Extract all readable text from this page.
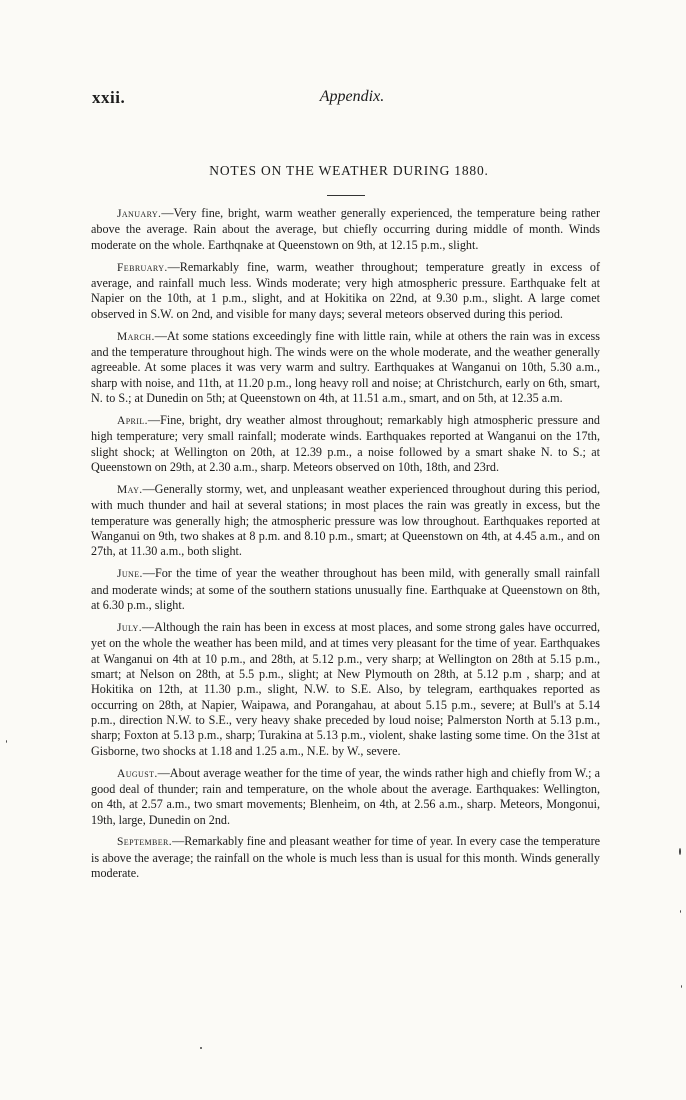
xxii.	Appendix.
NOTES ON THE WEATHER DURING 1880.

January.—Very fine, bright, warm weather generally experienced, the temperature being rather above the average. Rain about the average, but chiefly occurring during middle of month. Winds moderate on the whole. Earthqnake at Queenstown on 9th, at 12.15 p.m., slight.

February.—Remarkably fine, warm, weather throughout; temperature greatly in excess of average, and rainfall much less. Winds moderate; very high atmospheric pressure. Earthquake felt at Napier on the 10th, at 1 p.m., slight, and at Hokitika on 22nd, at 9.30 p.m., slight. A large comet observed in S.W. on 2nd, and visible for many days; several meteors observed during this period.

March.—At some stations exceedingly fine with little rain, while at others the rain was in excess and the temperature throughout high. The winds were on the whole moderate, and the weather generally agreeable. At some places it was very warm and sultry. Earthquakes at Wanganui on 10th, 5.30 a.m., sharp with noise, and 11th, at 11.20 p.m., long heavy roll and noise; at Christchurch, early on 6th, smart, N. to S.; at Dunedin on 5th; at Queenstown on 4th, at 11.51 a.m., smart, and on 5th, at 12.35 a.m.

April.—Fine, bright, dry weather almost throughout; remarkably high atmospheric pressure and high temperature; very small rainfall; moderate winds. Earthquakes reported at Wanganui on the 17th, slight shock; at Wellington on 20th, at 12.39 p.m., a noise followed by a smart shake N. to S.; at Queenstown on 29th, at 2.30 a.m., sharp. Meteors observed on 10th, 18th, and 23rd.

May.—Generally stormy, wet, and unpleasant weather experienced throughout during this period, with much thunder and hail at several stations; in most places the rain was greatly in excess, but the temperature was generally high; the atmospheric pressure was low throughout. Earthquakes reported at Wanganui on 9th, two shakes at 8 p.m. and 8.10 p.m., smart; at Queenstown on 4th, at 4.45 a.m., and on 27th, at 11.30 a.m., both slight.

June.—For the time of year the weather throughout has been mild, with generally small rainfall and moderate winds; at some of the southern stations unusually fine. Earthquake at Queenstown on 8th, at 6.30 p.m., slight.

July.—Although the rain has been in excess at most places, and some strong gales have occurred, yet on the whole the weather has been mild, and at times very pleasant for the time of year. Earthquakes at Wanganui on 4th at 10 p.m., and 28th, at 5.12 p.m., very sharp; at Wellington on 28th at 5.15 p.m., smart; at Nelson on 28th, at 5.5 p.m., slight; at New Plymouth on 28th, at 5.12 p.m , sharp; and at Hokitika on 12th, at 11.30 p.m., slight, N.W. to S.E. Also, by telegram, earthquakes reported as occurring on 28th, at Napier, Waipawa, and Porangahau, at about 5.15 p.m., severe; at Bull's at 5.14 p.m., direction N.W. to S.E., very heavy shake preceded by loud noise; Palmerston North at 5.13 p.m., sharp; Foxton at 5.13 p.m., sharp; Turakina at 5.13 p.m., violent, shake lasting some time. On the 31st at Gisborne, two shocks at 1.18 and 1.25 a.m., N.E. by W., severe.

August.—About average weather for the time of year, the winds rather high and chiefly from W.; a good deal of thunder; rain and temperature, on the whole about the average. Earthquakes: Wellington, on 4th, at 2.57 a.m., two smart movements; Blenheim, on 4th, at 2.56 a.m., sharp. Meteors, Mongonui, 19th, large, Dunedin on 2nd.

September.—Remarkably fine and pleasant weather for time of year. In every case the temperature is above the average; the rainfall on the whole is much less than is usual for this month. Winds generally moderate.
